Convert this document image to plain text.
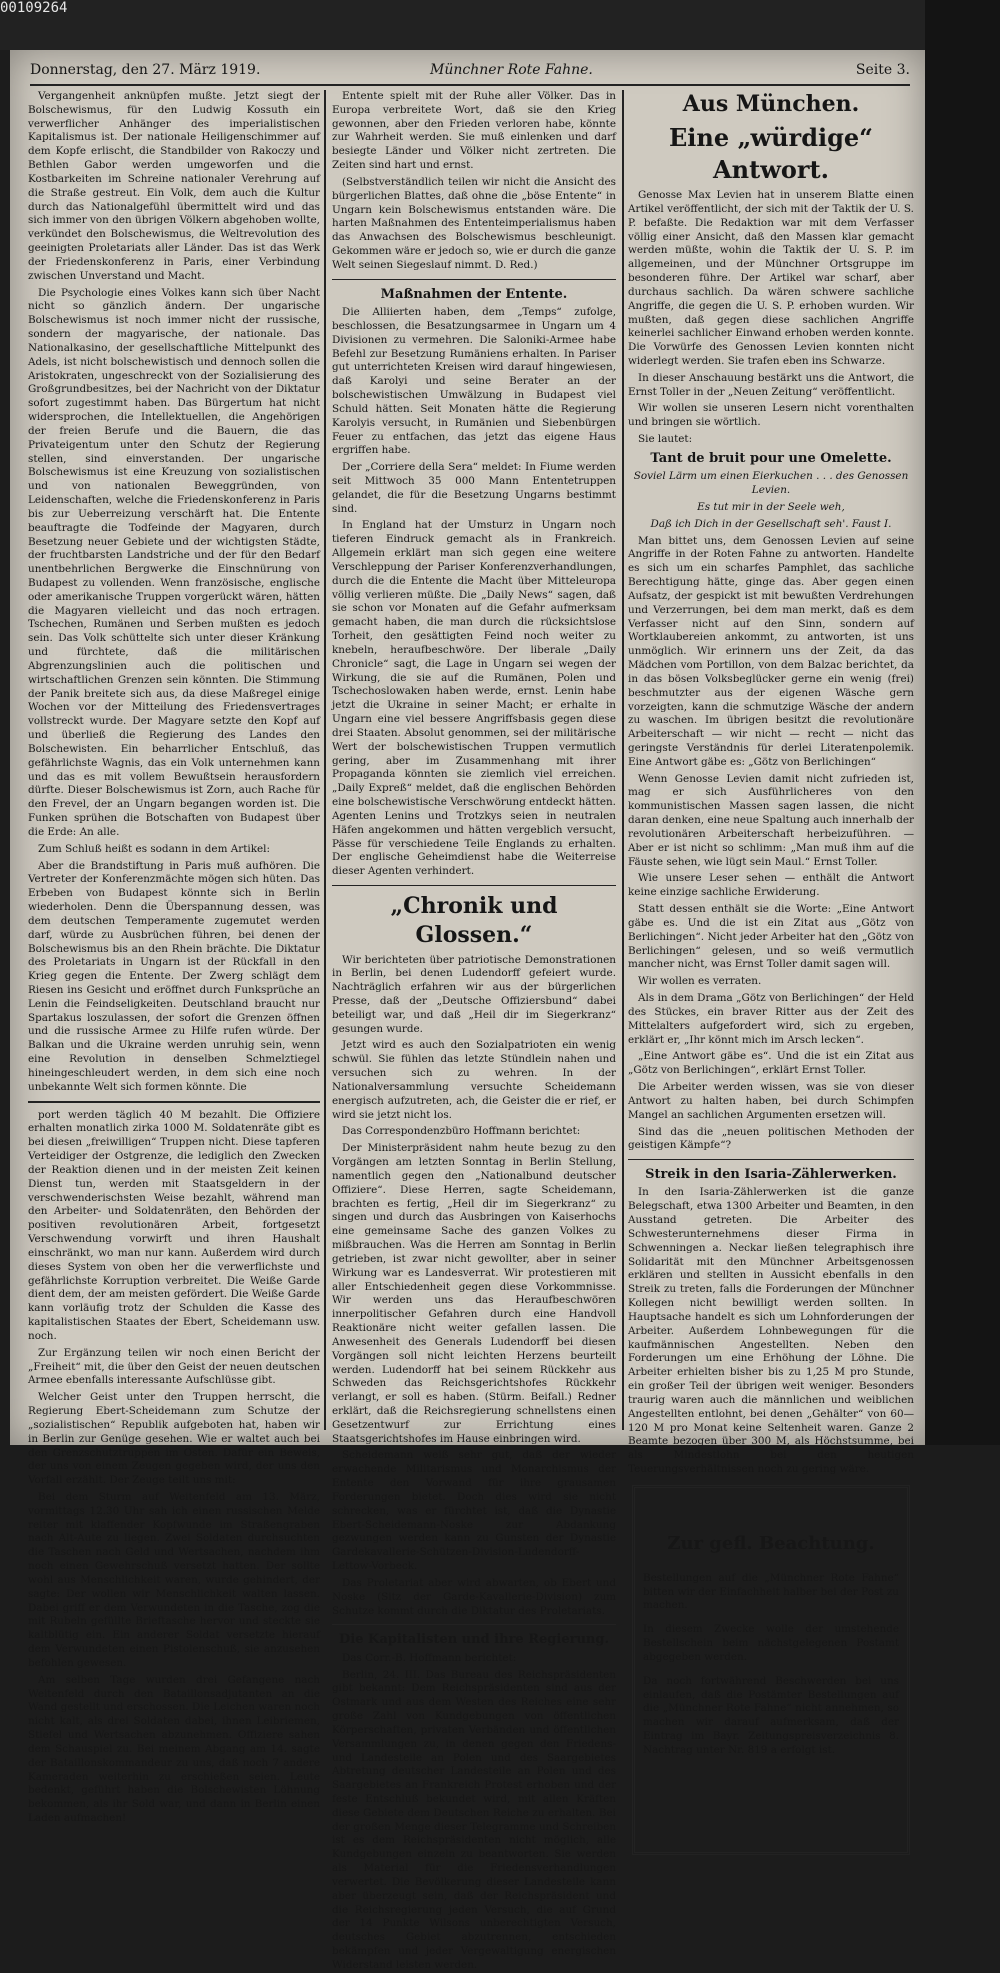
00109264
Donnerstag, den 27. März 1919.	Münchner Rote Fahne.	Seite 3.

Vergangenheit anknüpfen mußte. Jetzt siegt der Bolschewismus, für den Ludwig Kossuth ein verwerflicher Anhänger des imperialistischen Kapitalismus ist. Der nationale Heiligenschimmer auf dem Kopfe erlischt, die Standbilder von Rakoczy und Bethlen Gabor werden umgeworfen und die Kostbarkeiten im Schreine nationaler Verehrung auf die Straße gestreut. Ein Volk, dem auch die Kultur durch das Nationalgefühl übermittelt wird und das sich immer von den übrigen Völkern abgehoben wollte, verkündet den Bolschewismus, die Weltrevolution des geeinigten Proletariats aller Länder. Das ist das Werk der Friedenskonferenz in Paris, einer Verbindung zwischen Unverstand und Macht.

Die Psychologie eines Volkes kann sich über Nacht nicht so gänzlich ändern. Der ungarische Bolschewismus ist noch immer nicht der russische, sondern der magyarische, der nationale. Das Nationalkasino, der gesellschaftliche Mittelpunkt des Adels, ist nicht bolschewistisch und dennoch sollen die Aristokraten, ungeschreckt von der Sozialisierung des Großgrundbesitzes, bei der Nachricht von der Diktatur sofort zugestimmt haben. Das Bürgertum hat nicht widersprochen, die Intellektuellen, die Angehörigen der freien Berufe und die Bauern, die das Privateigentum unter den Schutz der Regierung stellen, sind einverstanden. Der ungarische Bolschewismus ist eine Kreuzung von sozialistischen und von nationalen Beweggründen, von Leidenschaften, welche die Friedenskonferenz in Paris bis zur Ueberreizung verschärft hat. Die Entente beauftragte die Todfeinde der Magyaren, durch Besetzung neuer Gebiete und der wichtigsten Städte, der fruchtbarsten Landstriche und der für den Bedarf unentbehrlichen Bergwerke die Einschnürung von Budapest zu vollenden. Wenn französische, englische oder amerikanische Truppen vorgerückt wären, hätten die Magyaren vielleicht und das noch ertragen. Tschechen, Rumänen und Serben mußten es jedoch sein. Das Volk schüttelte sich unter dieser Kränkung und fürchtete, daß die militärischen Abgrenzungslinien auch die politischen und wirtschaftlichen Grenzen sein könnten. Die Stimmung der Panik breitete sich aus, da diese Maßregel einige Wochen vor der Mitteilung des Friedensvertrages vollstreckt wurde. Der Magyare setzte den Kopf auf und überließ die Regierung des Landes den Bolschewisten. Ein beharrlicher Entschluß, das gefährlichste Wagnis, das ein Volk unternehmen kann und das es mit vollem Bewußtsein herausfordern dürfte. Dieser Bolschewismus ist Zorn, auch Rache für den Frevel, der an Ungarn begangen worden ist. Die Funken sprühen die Botschaften von Budapest über die Erde: An alle.

Zum Schluß heißt es sodann in dem Artikel:

Aber die Brandstiftung in Paris muß aufhören. Die Vertreter der Konferenzmächte mögen sich hüten. Das Erbeben von Budapest könnte sich in Berlin wiederholen. Denn die Überspannung dessen, was dem deutschen Temperamente zugemutet werden darf, würde zu Ausbrüchen führen, bei denen der Bolschewismus bis an den Rhein brächte. Die Diktatur des Proletariats in Ungarn ist der Rückfall in den Krieg gegen die Entente. Der Zwerg schlägt dem Riesen ins Gesicht und eröffnet durch Funksprüche an Lenin die Feindseligkeiten. Deutschland braucht nur Spartakus loszulassen, der sofort die Grenzen öffnen und die russische Armee zu Hilfe rufen würde. Der Balkan und die Ukraine werden unruhig sein, wenn eine Revolution in denselben Schmelztiegel hineingeschleudert werden, in dem sich eine noch unbekannte Welt sich formen könnte. Die

port werden täglich 40 M bezahlt. Die Offiziere erhalten monatlich zirka 1000 M. Soldatenräte gibt es bei diesen „freiwilligen“ Truppen nicht. Diese tapferen Verteidiger der Ostgrenze, die lediglich den Zwecken der Reaktion dienen und in der meisten Zeit keinen Dienst tun, werden mit Staatsgeldern in der verschwenderischsten Weise bezahlt, während man den Arbeiter- und Soldatenräten, den Behörden der positiven revolutionären Arbeit, fortgesetzt Verschwendung vorwirft und ihren Haushalt einschränkt, wo man nur kann. Außerdem wird durch dieses System von oben her die verwerflichste und gefährlichste Korruption verbreitet. Die Weiße Garde dient dem, der am meisten gefördert. Die Weiße Garde kann vorläufig trotz der Schulden die Kasse des kapitalistischen Staates der Ebert, Scheidemann usw. noch.

Zur Ergänzung teilen wir noch einen Bericht der „Freiheit“ mit, die über den Geist der neuen deutschen Armee ebenfalls interessante Aufschlüsse gibt.

Welcher Geist unter den Truppen herrscht, die Regierung Ebert-Scheidemann zum Schutze der „sozialistischen“ Republik aufgeboten hat, haben wir in Berlin zur Genüge gesehen. Wie er waltet auch bei den Grenzschutztruppen im Osten. Dafür ein Beweis, der uns von einem Zeugen gegeben wird, der uns den Vorfall erzählt. Der Zeuge teilt uns mit:

Bei dem Sturm auf Weitenfeld am 13. März, vormittags 12.30 Uhr sah ich einen russischen Melde reiter mit klaffender Kopfwunde im Straßengraben nach Alt-Aute zu liegen. Zwei Soldaten durchsuchten die Taschen nach Geld und Wertsachen, nachdem ihm noch einen Gewehrschuß versetzt hatten. Der sollte wohl aus Menschlichkeit waren, wurde gehindert, der sagte: Der wollen wir Menschlichkeit walten lassen. Dabei griff er dem Verwundeten in die Tasche, zog die mit Rubeln gefüllte Brieftasche hervor und steckte sie kaltblütig ein. Ein anderer Soldat versetzte hierauf dem Verwundeten einen Pistolenschuß, sie anzusehen befohlen gewesen.

Am selben Tage wurden drei Gefangene nach Weitenfeld durch den Bataillonsadjutanten an die Wand gestellt und erschossen. Die Leichen waren noch nicht kalt, als drei Soldaten dabei, ihnen Leibriemen, Stiefel und Wertsachen abzunehmen. Offiziere sahen dem Schauspiel zu. Bei meinem Abgang am 14. sagte der Bataillonskommandeur zu uns, daß noch 7 andere Kameraden weiterhin zu erschießen seien. Leute bedenkt, geführt haben die Bolschewisten Löhnung bekommen, als ihr Sold war, und dann in Berlin einen Laden aufmachen!

Entente spielt mit der Ruhe aller Völker. Das in Europa verbreitete Wort, daß sie den Krieg gewonnen, aber den Frieden verloren habe, könnte zur Wahrheit werden. Sie muß einlenken und darf besiegte Länder und Völker nicht zertreten. Die Zeiten sind hart und ernst.

(Selbstverständlich teilen wir nicht die Ansicht des bürgerlichen Blattes, daß ohne die „böse Entente“ in Ungarn kein Bolschewismus entstanden wäre. Die harten Maßnahmen des Ententeimperialismus haben das Anwachsen des Bolschewismus beschleunigt. Gekommen wäre er jedoch so, wie er durch die ganze Welt seinen Siegeslauf nimmt. D. Red.)

Maßnahmen der Entente.

Die Alliierten haben, dem „Temps“ zufolge, beschlossen, die Besatzungsarmee in Ungarn um 4 Divisionen zu vermehren. Die Saloniki-Armee habe Befehl zur Besetzung Rumäniens erhalten. In Pariser gut unterrichteten Kreisen wird darauf hingewiesen, daß Karolyi und seine Berater an der bolschewistischen Umwälzung in Budapest viel Schuld hätten. Seit Monaten hätte die Regierung Karolyis versucht, in Rumänien und Siebenbürgen Feuer zu entfachen, das jetzt das eigene Haus ergriffen habe.

Der „Corriere della Sera“ meldet: In Fiume werden seit Mittwoch 35 000 Mann Ententetruppen gelandet, die für die Besetzung Ungarns bestimmt sind.

In England hat der Umsturz in Ungarn noch tieferen Eindruck gemacht als in Frankreich. Allgemein erklärt man sich gegen eine weitere Verschleppung der Pariser Konferenzverhandlungen, durch die die Entente die Macht über Mitteleuropa völlig verlieren müßte. Die „Daily News“ sagen, daß sie schon vor Monaten auf die Gefahr aufmerksam gemacht haben, die man durch die rücksichtslose Torheit, den gesättigten Feind noch weiter zu knebeln, heraufbeschwöre. Der liberale „Daily Chronicle“ sagt, die Lage in Ungarn sei wegen der Wirkung, die sie auf die Rumänen, Polen und Tschechoslowaken haben werde, ernst. Lenin habe jetzt die Ukraine in seiner Macht; er erhalte in Ungarn eine viel bessere Angriffsbasis gegen diese drei Staaten. Absolut genommen, sei der militärische Wert der bolschewistischen Truppen vermutlich gering, aber im Zusammenhang mit ihrer Propaganda könnten sie ziemlich viel erreichen. „Daily Expreß“ meldet, daß die englischen Behörden eine bolschewistische Verschwörung entdeckt hätten. Agenten Lenins und Trotzkys seien in neutralen Häfen angekommen und hätten vergeblich versucht, Pässe für verschiedene Teile Englands zu erhalten. Der englische Geheimdienst habe die Weiterreise dieser Agenten verhindert.

„Chronik und Glossen.“

Wir berichteten über patriotische Demonstrationen in Berlin, bei denen Ludendorff gefeiert wurde. Nachträglich erfahren wir aus der bürgerlichen Presse, daß der „Deutsche Offiziersbund“ dabei beteiligt war, und daß „Heil dir im Siegerkranz“ gesungen wurde.

Jetzt wird es auch den Sozialpatrioten ein wenig schwül. Sie fühlen das letzte Stündlein nahen und versuchen sich zu wehren. In der Nationalversammlung versuchte Scheidemann energisch aufzutreten, ach, die Geister die er rief, er wird sie jetzt nicht los.

Das Correspondenzbüro Hoffmann berichtet:

Der Ministerpräsident nahm heute bezug zu den Vorgängen am letzten Sonntag in Berlin Stellung, namentlich gegen den „Nationalbund deutscher Offiziere“. Diese Herren, sagte Scheidemann, brachten es fertig, „Heil dir im Siegerkranz“ zu singen und durch das Ausbringen von Kaiserhochs eine gemeinsame Sache des ganzen Volkes zu mißbrauchen. Was die Herren am Sonntag in Berlin getrieben, ist zwar nicht gewollter, aber in seiner Wirkung war es Landesverrat. Wir protestieren mit aller Entschiedenheit gegen diese Vorkommnisse. Wir werden uns das Heraufbeschwören innerpolitischer Gefahren durch eine Handvoll Reaktionäre nicht weiter gefallen lassen. Die Anwesenheit des Generals Ludendorff bei diesen Vorgängen soll nicht leichten Herzens beurteilt werden. Ludendorff hat bei seinem Rückkehr aus Schweden das Reichsgerichtshofes Rückkehr verlangt, er soll es haben. (Stürm. Beifall.) Redner erklärt, daß die Reichsregierung schnellstens einen Gesetzentwurf zur Errichtung eines Staatsgerichtshofes im Hause einbringen wird.

Scheidemann weiß sehr gut, daß der wieder erwachende Militarismus und Monarchismus der Entente den Vorwand für ihre grausamen Forderungen bietet. Doch dies wird sie nicht schrecken, was er fürchtet ist, daß die Dynastie Ebert-Scheidemann-Noske zur Abdankung gezwungen werden kann zu Gunsten der Dynastie Gardekavallerie-Schützen-Division-Ludendorff-Lettow-Vorbeck.

Das Proletariat aber wird abwarten, ob Ebert und Noske (Sitz der Garde-Kavallerie-Division) zum Schutze kommt durch die Diktatur des Proletariats.

Die Kapitalisten und ihre Regierung.

Das Corr.-B. Hoffmann berichtet:

Berlin, 24. III. Das Bureau des Reichspräsidenten gibt bekannt: Dem Reichspräsidenten sind aus der Ostmark und aus dem Westen des Reiches eine sehr große Zahl von Kundgebungen von öffentlichen Körperschaften, privaten Verbänden und öffentlichen Versammlungen zu, in denen gegen den Friedens- und Landesteile an Polen und des Saargebietes Abtretung deutscher Landesteile an Polen und des Saargebietes an Frankreich Protest erhoben und der feste Entschluß bekundet wird, mit allen Kräften diese Gebiete dem Deutschen Reiche zu erhalten. Bei der großen Menge dieser Telegramme und Schreiben ist es dem Reichspräsidenten nicht möglich, alle Kundgebungen einzeln zu beantworten. Sie werden als Material für die Friedensverhandlungen verwertet. Die Bevölkerung dieser Landesteile kann aber überzeugt sein, daß der Reichspräsident und die Reichsregierung jeden Versuch, die auf Grund der 14 Punkte Wilsons unberechtigten Versuch, deutsches Gebiet abzutrennen, entschieden bekämpfen und jeder Vergewaltigung energischen Widerstand leisten werden.

Aus München.

Eine „würdige“ Antwort.

Genosse Max Levien hat in unserem Blatte einen Artikel veröffentlicht, der sich mit der Taktik der U. S. P. befaßte. Die Redaktion war mit dem Verfasser völlig einer Ansicht, daß den Massen klar gemacht werden müßte, wohin die Taktik der U. S. P. im allgemeinen, und der Münchner Ortsgruppe im besonderen führe. Der Artikel war scharf, aber durchaus sachlich. Da wären schwere sachliche Angriffe, die gegen die U. S. P. erhoben wurden. Wir mußten, daß gegen diese sachlichen Angriffe keinerlei sachlicher Einwand erhoben werden konnte. Die Vorwürfe des Genossen Levien konnten nicht widerlegt werden. Sie trafen eben ins Schwarze.

In dieser Anschauung bestärkt uns die Antwort, die Ernst Toller in der „Neuen Zeitung“ veröffentlicht.

Wir wollen sie unseren Lesern nicht vorenthalten und bringen sie wörtlich.

Sie lautet:

Tant de bruit pour une Omelette.

Soviel Lärm um einen Eierkuchen . . . des Genossen Levien.

Es tut mir in der Seele weh,

Daß ich Dich in der Gesellschaft seh'. Faust I.

Man bittet uns, dem Genossen Levien auf seine Angriffe in der Roten Fahne zu antworten. Handelte es sich um ein scharfes Pamphlet, das sachliche Berechtigung hätte, ginge das. Aber gegen einen Aufsatz, der gespickt ist mit bewußten Verdrehungen und Verzerrungen, bei dem man merkt, daß es dem Verfasser nicht auf den Sinn, sondern auf Wortklaubereien ankommt, zu antworten, ist uns unmöglich. Wir erinnern uns der Zeit, da das Mädchen vom Portillon, von dem Balzac berichtet, da in das bösen Volksbeglücker gerne ein wenig (frei) beschmutzter aus der eigenen Wäsche gern vorzeigten, kann die schmutzige Wäsche der andern zu waschen. Im übrigen besitzt die revolutionäre Arbeiterschaft — wir nicht — recht — nicht das geringste Verständnis für derlei Literatenpolemik. Eine Antwort gäbe es: „Götz von Berlichingen“

Wenn Genosse Levien damit nicht zufrieden ist, mag er sich Ausführlicheres von den kommunistischen Massen sagen lassen, die nicht daran denken, eine neue Spaltung auch innerhalb der revolutionären Arbeiterschaft herbeizuführen. — Aber er ist nicht so schlimm: „Man muß ihm auf die Fäuste sehen, wie lügt sein Maul.“ Ernst Toller.

Wie unsere Leser sehen — enthält die Antwort keine einzige sachliche Erwiderung.

Statt dessen enthält sie die Worte: „Eine Antwort gäbe es. Und die ist ein Zitat aus „Götz von Berlichingen“. Nicht jeder Arbeiter hat den „Götz von Berlichingen“ gelesen, und so weiß vermutlich mancher nicht, was Ernst Toller damit sagen will.

Wir wollen es verraten.

Als in dem Drama „Götz von Berlichingen“ der Held des Stückes, ein braver Ritter aus der Zeit des Mittelalters aufgefordert wird, sich zu ergeben, erklärt er, „Ihr könnt mich im Arsch lecken“.

„Eine Antwort gäbe es“. Und die ist ein Zitat aus „Götz von Berlichingen“, erklärt Ernst Toller.

Die Arbeiter werden wissen, was sie von dieser Antwort zu halten haben, bei durch Schimpfen Mangel an sachlichen Argumenten ersetzen will.

Sind das die „neuen politischen Methoden der geistigen Kämpfe“?

Streik in den Isaria-Zählerwerken.

In den Isaria-Zählerwerken ist die ganze Belegschaft, etwa 1300 Arbeiter und Beamten, in den Ausstand getreten. Die Arbeiter des Schwesterunternehmens dieser Firma in Schwenningen a. Neckar ließen telegraphisch ihre Solidarität mit den Münchner Arbeitsgenossen erklären und stellten in Aussicht ebenfalls in den Streik zu treten, falls die Forderungen der Münchner Kollegen nicht bewilligt werden sollten. In Hauptsache handelt es sich um Lohnforderungen der Arbeiter. Außerdem Lohnbewegungen für die kaufmännischen Angestellten. Neben den Forderungen um eine Erhöhung der Löhne. Die Arbeiter erhielten bisher bis zu 1,25 M pro Stunde, ein großer Teil der übrigen weit weniger. Besonders traurig waren auch die männlichen und weiblichen Angestellten entlohnt, bei denen „Gehälter“ von 60—120 M pro Monat keine Seltenheit waren. Ganze 2 Beamte bezogen über 300 M, als Höchstsumme, bei als Mindestlohn bei den heutigen Teuerungsverhältnissen noch zu gering wäre.

Zur gefl. Beachtung.

Bestellungen auf die „Münchner Rote Fahne“ bitten wir der Einfachheit halber bei der Post zu machen.

In diesem Zwecke wolle der umstehende Bestellschein beim nächstgelegenen Postamt abgegeben werden.

Da noch fortwährend Beschwerden bei uns einlaufen, daß die Postämter Bestellungen auf die „Münchner Rote Fahne“ nicht annehmen, so machen wir darauf aufmerksam, daß der Eintrag im Bayr. Zeitungspreisverzeichnis 8. Nachtrag unter Nr. 819 a erfolgt ist.
